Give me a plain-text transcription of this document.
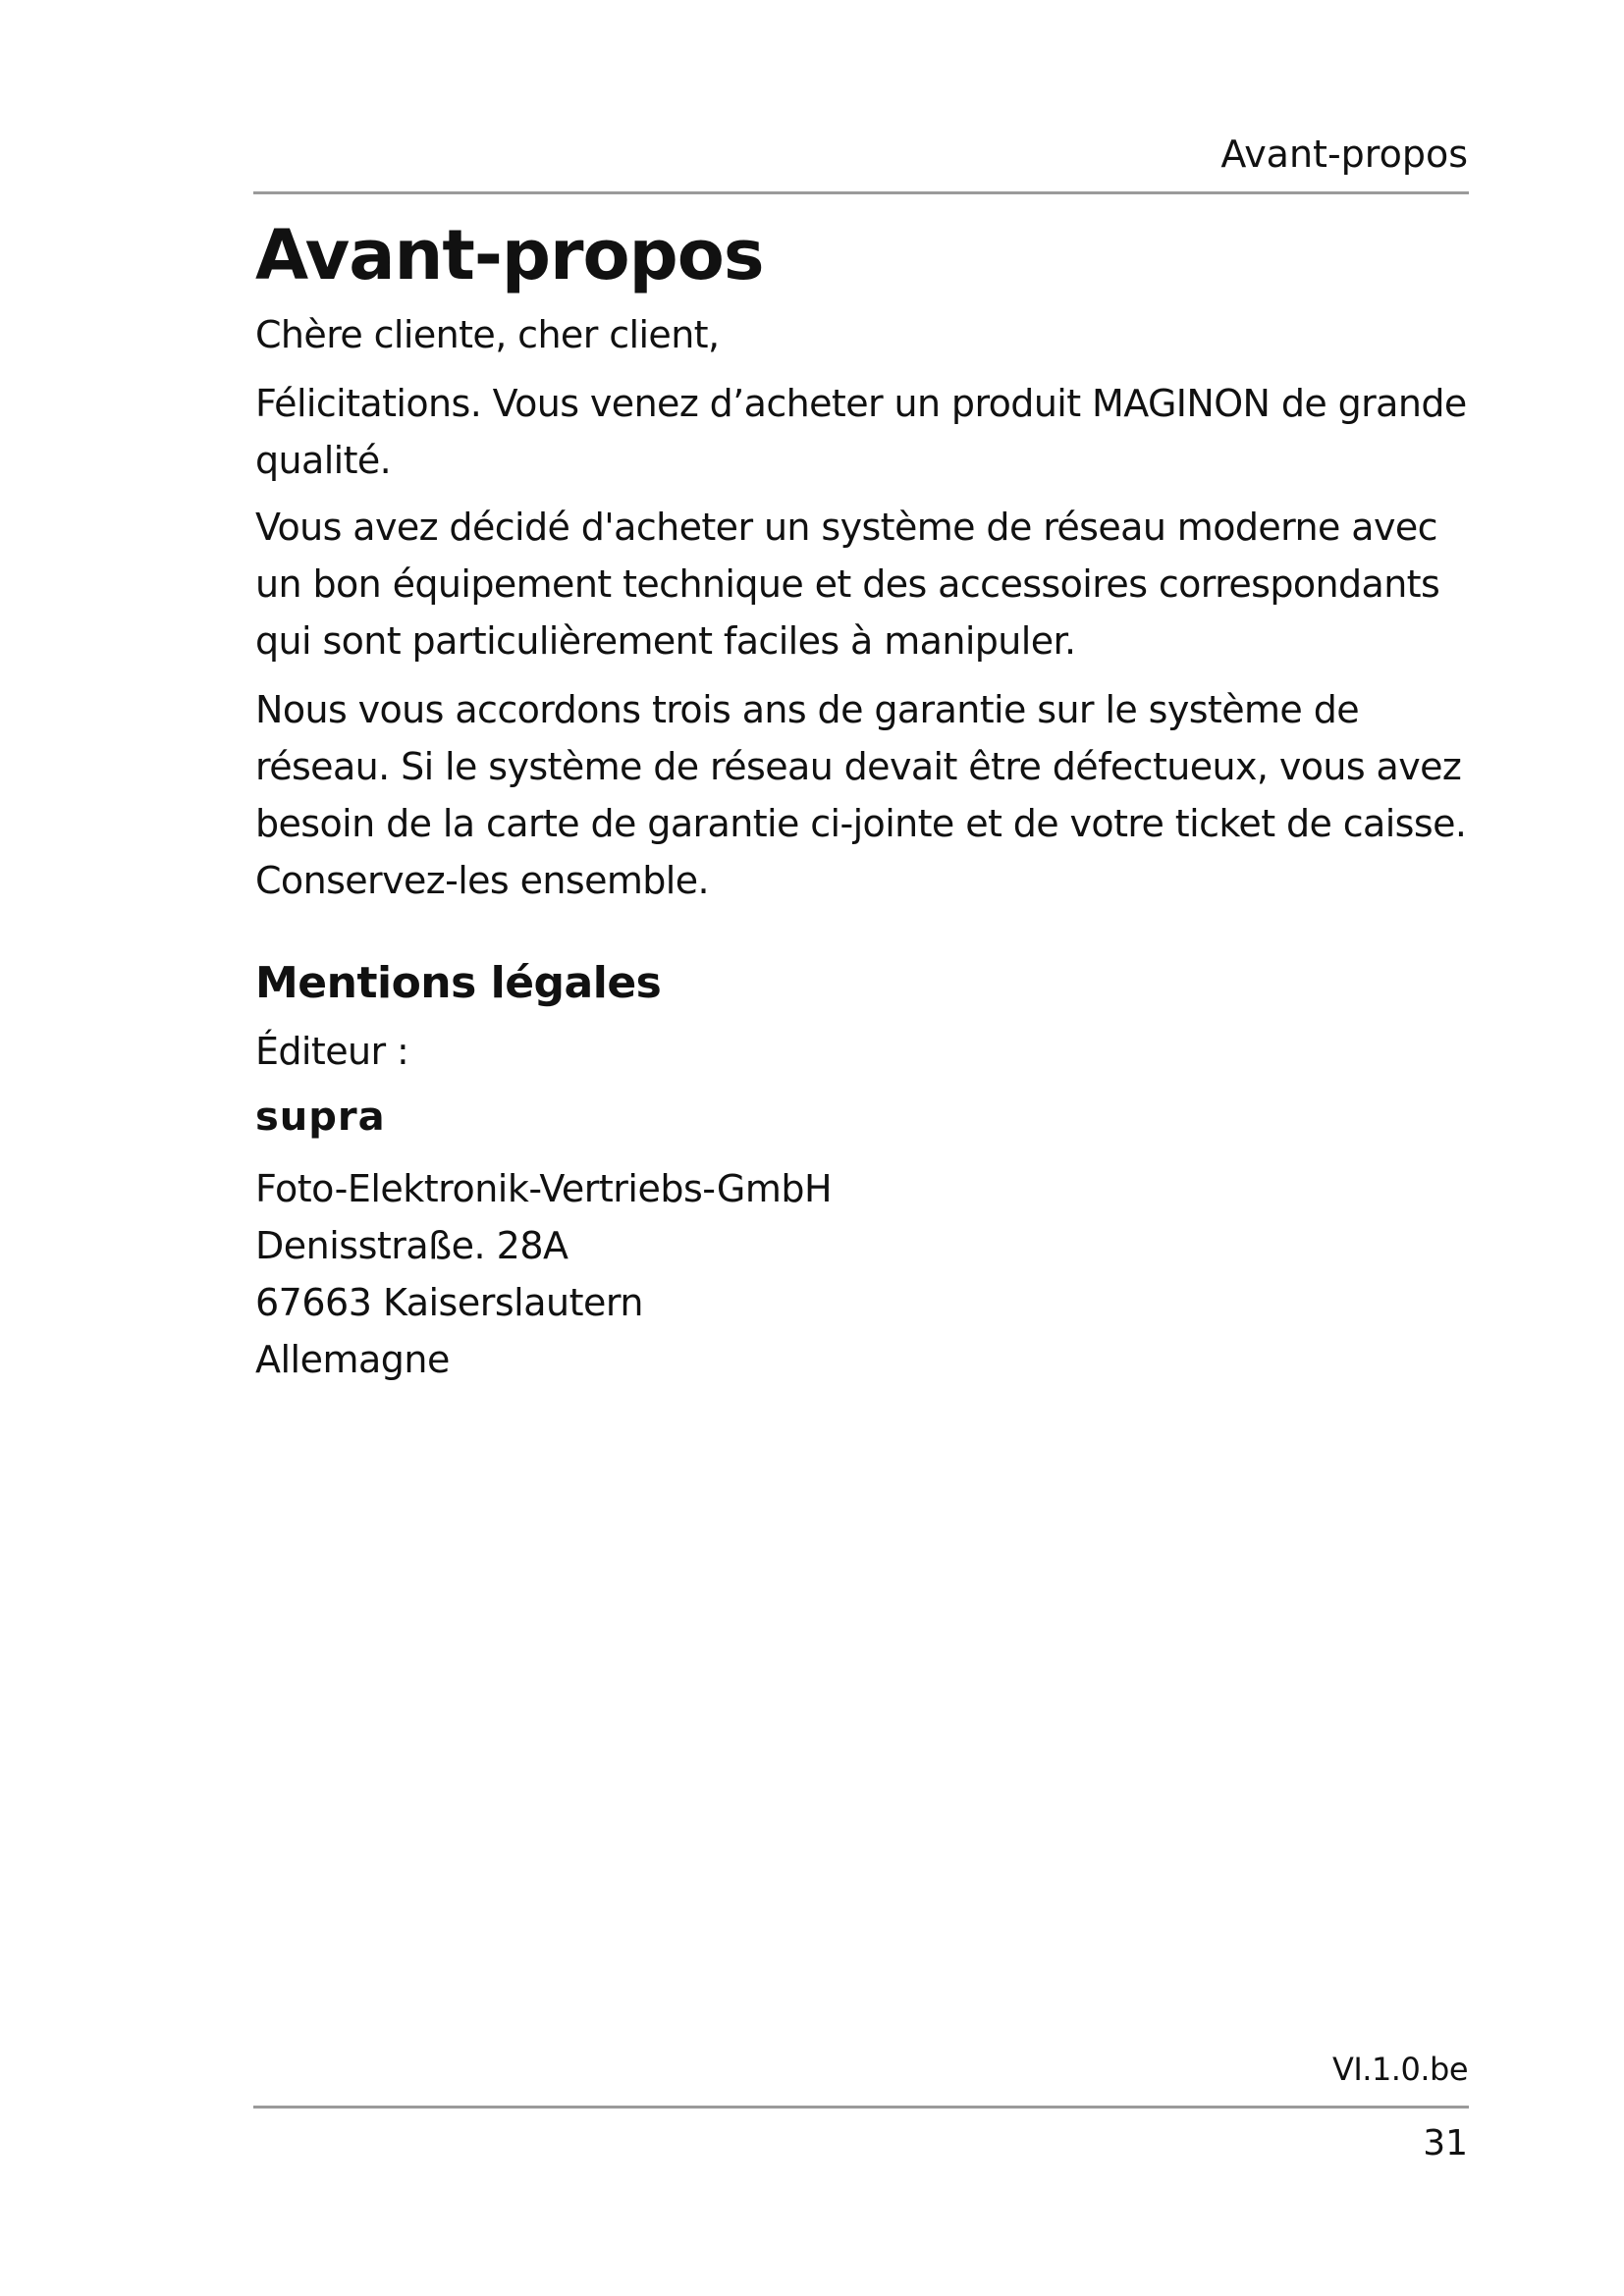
Avant-propos
Avant-propos

Chère cliente, cher client,

Félicitations. Vous venez d’acheter un produit MAGINON de grande qualité.

Vous avez décidé d'acheter un système de réseau moderne avec un bon équipement technique et des accessoires correspondants qui sont particulièrement faciles à manipuler.

Nous vous accordons trois ans de garantie sur le système de réseau. Si le système de réseau devait être défectueux, vous avez besoin de la carte de garantie ci-jointe et de votre ticket de caisse. Conservez-les ensemble.

Mentions légales

Éditeur :

supra
Foto-Elektronik-Vertriebs-GmbH
Denisstraße. 28A
67663 Kaiserslautern
Allemagne
VI.1.0.be
31
